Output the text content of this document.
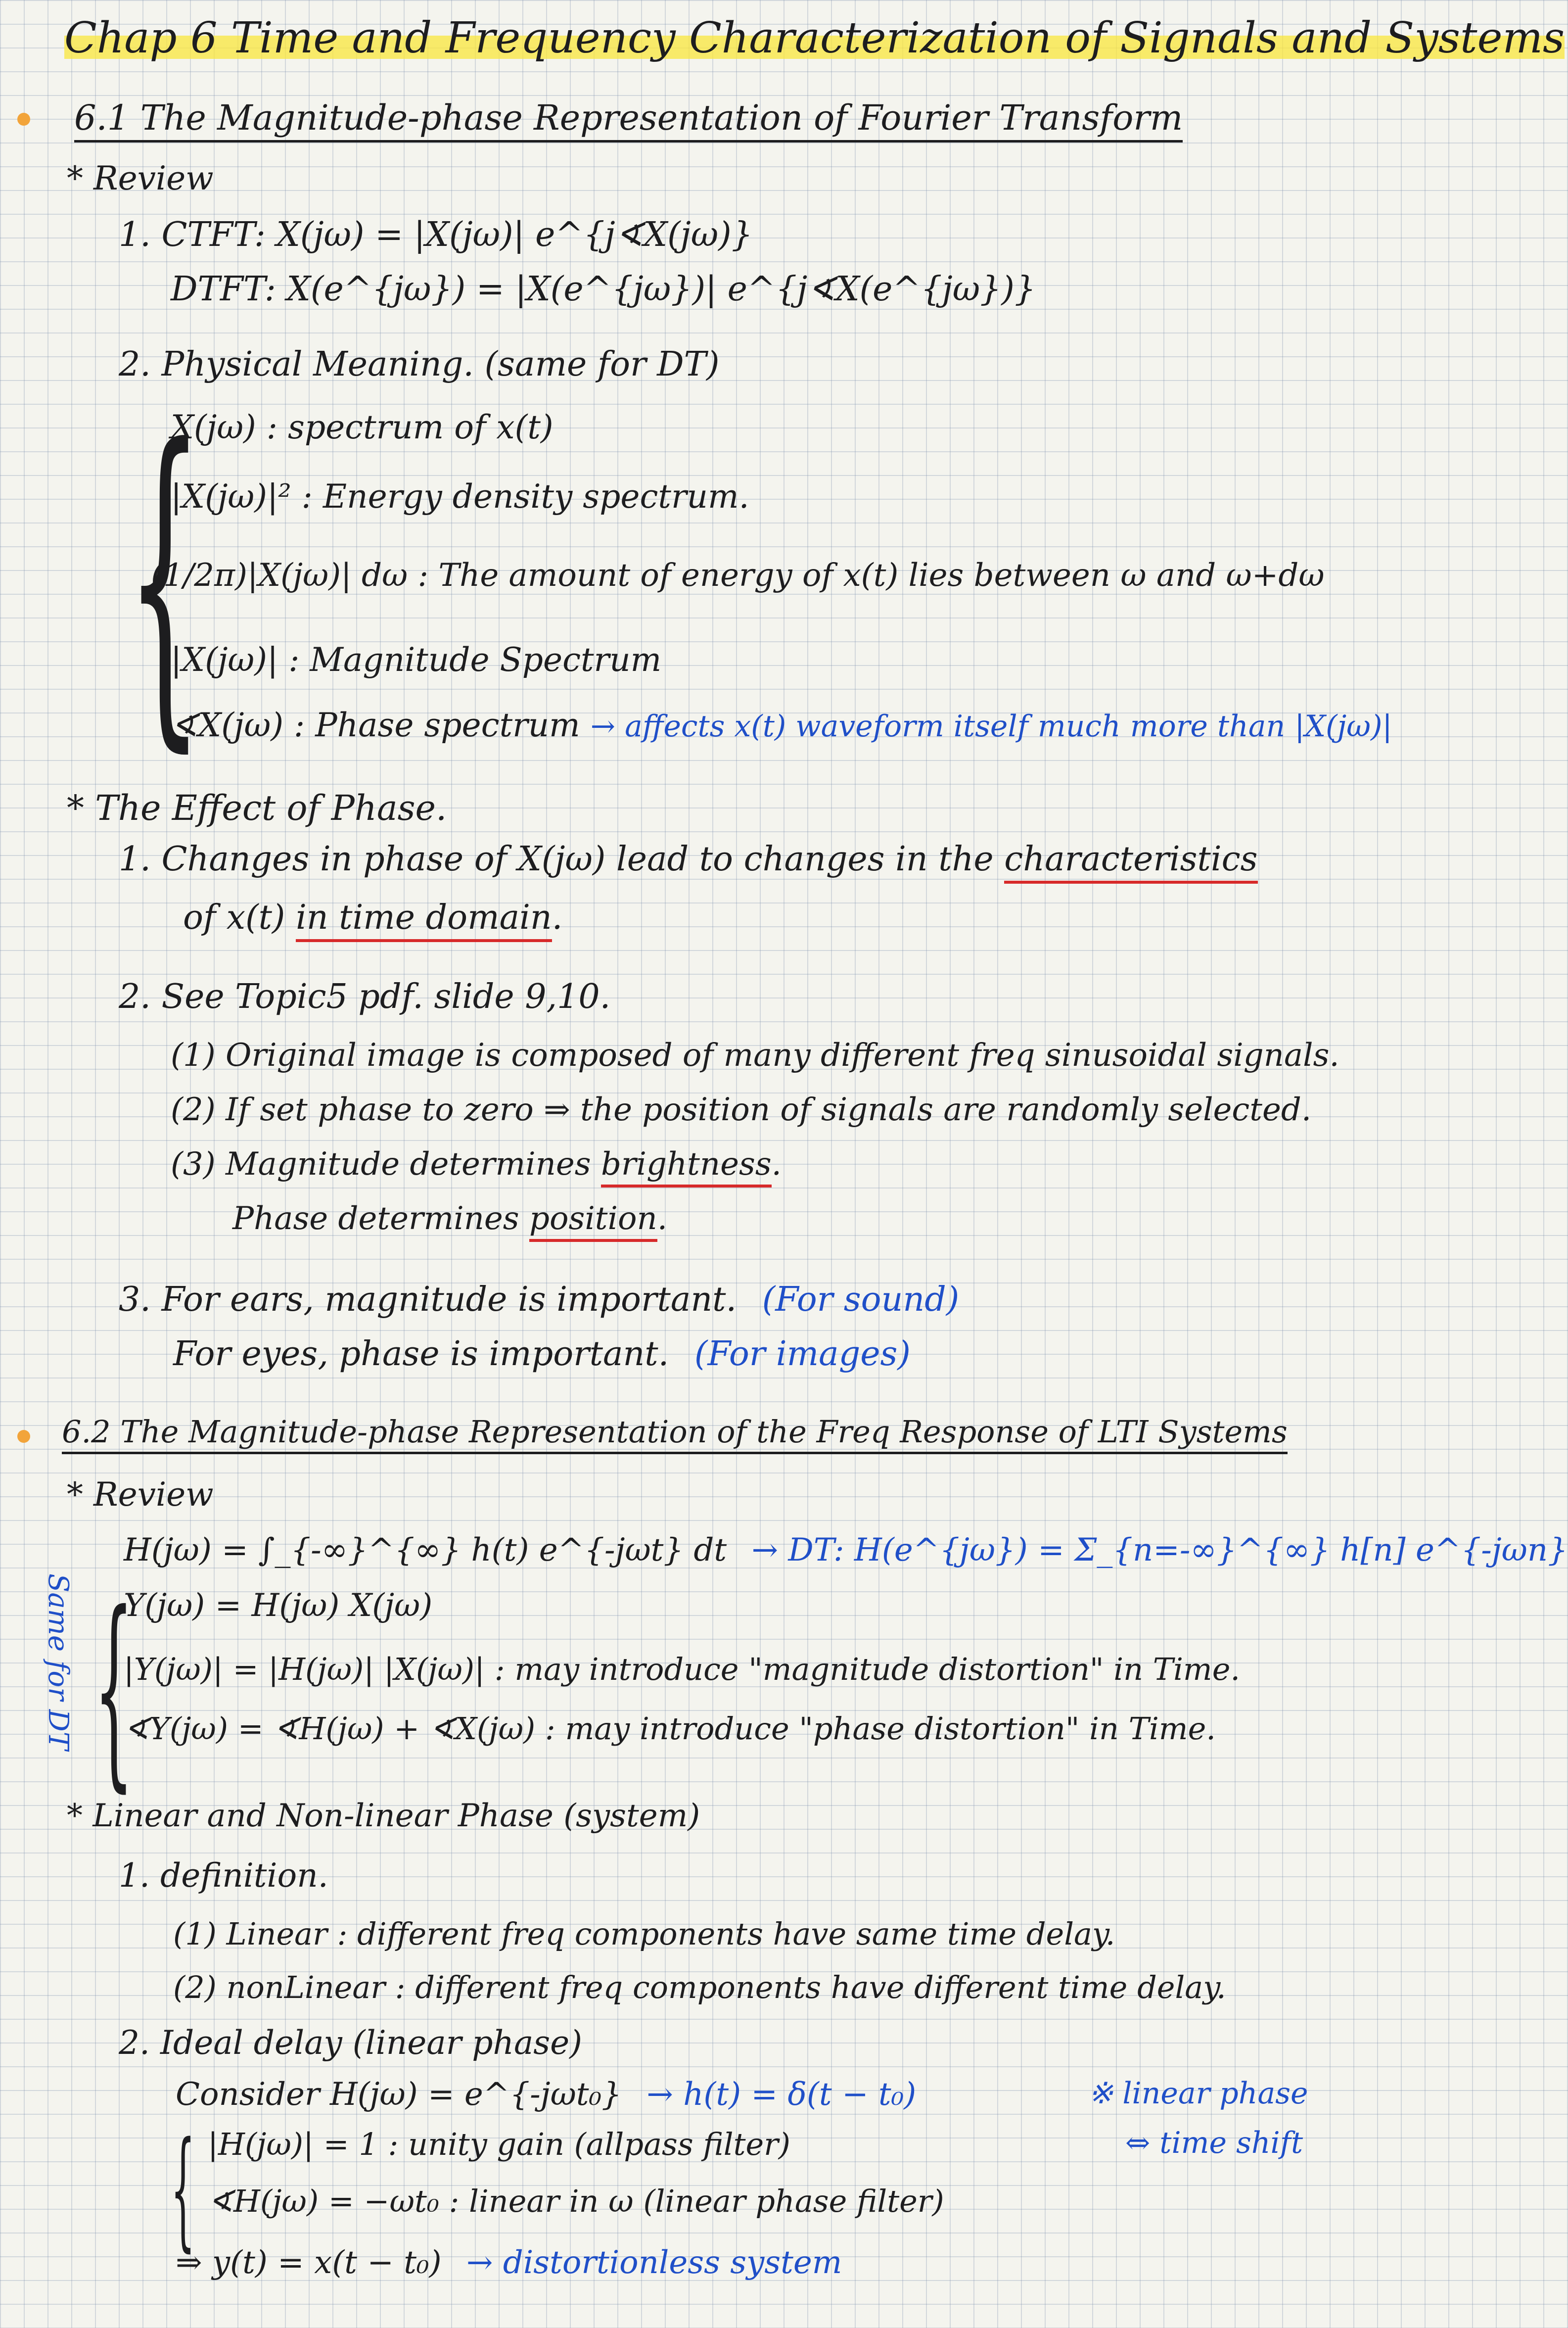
Chap 6 Time and Frequency Characterization of Signals and Systems
6.1 The Magnitude-phase Representation of Fourier Transform
* Review
1. CTFT: X(jω) = |X(jω)| e^{j∢X(jω)}
DTFT: X(e^{jω}) = |X(e^{jω})| e^{j∢X(e^{jω})}
2. Physical Meaning. (same for DT)
{
X(jω) : spectrum of x(t)
|X(jω)|² : Energy density spectrum.
(1/2π)|X(jω)| dω : The amount of energy of x(t) lies between ω and ω+dω
|X(jω)| : Magnitude Spectrum
∢X(jω) : Phase spectrum → affects x(t) waveform itself much more than |X(jω)|
* The Effect of Phase.
1. Changes in phase of X(jω) lead to changes in the characteristics
of x(t) in time domain.
2. See Topic5 pdf. slide 9,10.
(1) Original image is composed of many different freq sinusoidal signals.
(2) If set phase to zero ⇒ the position of signals are randomly selected.
(3) Magnitude determines brightness.
Phase determines position.
3. For ears, magnitude is important. (For sound)
For eyes, phase is important. (For images)
6.2 The Magnitude-phase Representation of the Freq Response of LTI Systems
* Review
H(jω) = ∫_{-∞}^{∞} h(t) e^{-jωt} dt → DT: H(e^{jω}) = Σ_{n=-∞}^{∞} h[n] e^{-jωn}
Same for DT {
Y(jω) = H(jω) X(jω)
|Y(jω)| = |H(jω)| |X(jω)| : may introduce "magnitude distortion" in Time.
∢Y(jω) = ∢H(jω) + ∢X(jω) : may introduce "phase distortion" in Time.
* Linear and Non-linear Phase (system)
1. definition.
(1) Linear : different freq components have same time delay.
(2) nonLinear : different freq components have different time delay.
2. Ideal delay (linear phase)
Consider H(jω) = e^{-jωt₀} → h(t) = δ(t − t₀)	※ linear phase
⇔ time shift
{ |H(jω)| = 1 : unity gain (allpass filter)
∢H(jω) = −ωt₀ : linear in ω (linear phase filter)
⇒ y(t) = x(t − t₀) → distortionless system
